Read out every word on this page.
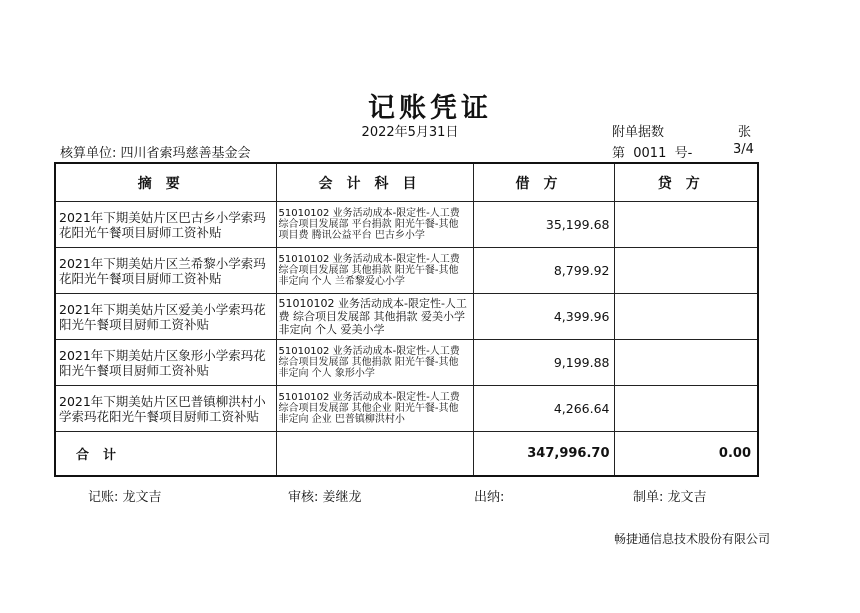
记账凭证
2022年5月31日	附单据数	张
核算单位: 四川省索玛慈善基金会	第  0011  号-	3/4
摘要	会计科目	借方	贷方
2021年下期美姑片区巴古乡小学索玛花阳光午餐项目厨师工资补贴	51010102 业务活动成本-限定性-人工费 综合项目发展部 平台捐款 阳光午餐-其他 项目费 腾讯公益平台 巴古乡小学	35,199.68	
2021年下期美姑片区兰希黎小学索玛花阳光午餐项目厨师工资补贴	51010102 业务活动成本-限定性-人工费 综合项目发展部 其他捐款 阳光午餐-其他 非定向 个人 兰希黎爱心小学	8,799.92	
2021年下期美姑片区爱美小学索玛花阳光午餐项目厨师工资补贴	51010102 业务活动成本-限定性-人工费 综合项目发展部 其他捐款 爱美小学 非定向 个人 爱美小学	4,399.96	
2021年下期美姑片区象形小学索玛花阳光午餐项目厨师工资补贴	51010102 业务活动成本-限定性-人工费 综合项目发展部 其他捐款 阳光午餐-其他 非定向 个人 象形小学	9,199.88	
2021年下期美姑片区巴普镇柳洪村小学索玛花阳光午餐项目厨师工资补贴	51010102 业务活动成本-限定性-人工费 综合项目发展部 其他企业 阳光午餐-其他 非定向 企业 巴普镇柳洪村小	4,266.64	
合计		347,996.70	0.00
记账: 龙文吉	审核: 姜继龙	出纳:	制单: 龙文吉
畅捷通信息技术股份有限公司
